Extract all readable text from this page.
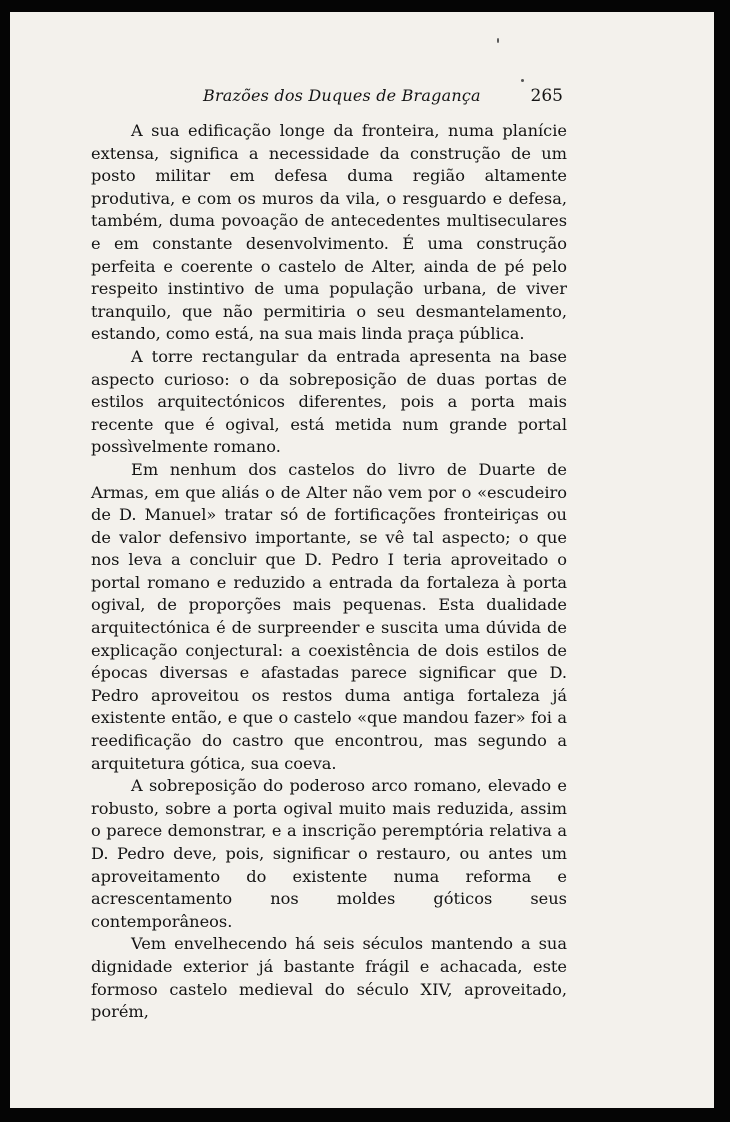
Brazões dos Duques de Bragança	265

A sua edificação longe da fronteira, numa planície extensa, significa a necessidade da construção de um posto militar em defesa duma região altamente produtiva, e com os muros da vila, o resguardo e defesa, também, duma povoação de antecedentes multiseculares e em constante desenvolvimento. É uma construção perfeita e coerente o castelo de Alter, ainda de pé pelo respeito instintivo de uma população urbana, de viver tranquilo, que não permitiria o seu desmantelamento, estando, como está, na sua mais linda praça pública.

A torre rectangular da entrada apresenta na base aspecto curioso: o da sobreposição de duas portas de estilos arquitectónicos diferentes, pois a porta mais recente que é ogival, está metida num grande portal possìvelmente romano.

Em nenhum dos castelos do livro de Duarte de Armas, em que aliás o de Alter não vem por o «escudeiro de D. Manuel» tratar só de fortificações fronteiriças ou de valor defensivo importante, se vê tal aspecto; o que nos leva a concluir que D. Pedro I teria aproveitado o portal romano e reduzido a entrada da fortaleza à porta ogival, de proporções mais pequenas. Esta dualidade arquitectónica é de surpreender e suscita uma dúvida de explicação conjectural: a coexistência de dois estilos de épocas diversas e afastadas parece significar que D. Pedro aproveitou os restos duma antiga fortaleza já existente então, e que o castelo «que mandou fazer» foi a reedificação do castro que encontrou, mas segundo a arquitetura gótica, sua coeva.

A sobreposição do poderoso arco romano, elevado e robusto, sobre a porta ogival muito mais reduzida, assim o parece demonstrar, e a inscrição peremptória relativa a D. Pedro deve, pois, significar o restauro, ou antes um aproveitamento do existente numa reforma e acrescentamento nos moldes góticos seus contemporâneos.

Vem envelhecendo há seis séculos mantendo a sua dignidade exterior já bastante frágil e achacada, este formoso castelo medieval do século XIV, aproveitado, porém,
